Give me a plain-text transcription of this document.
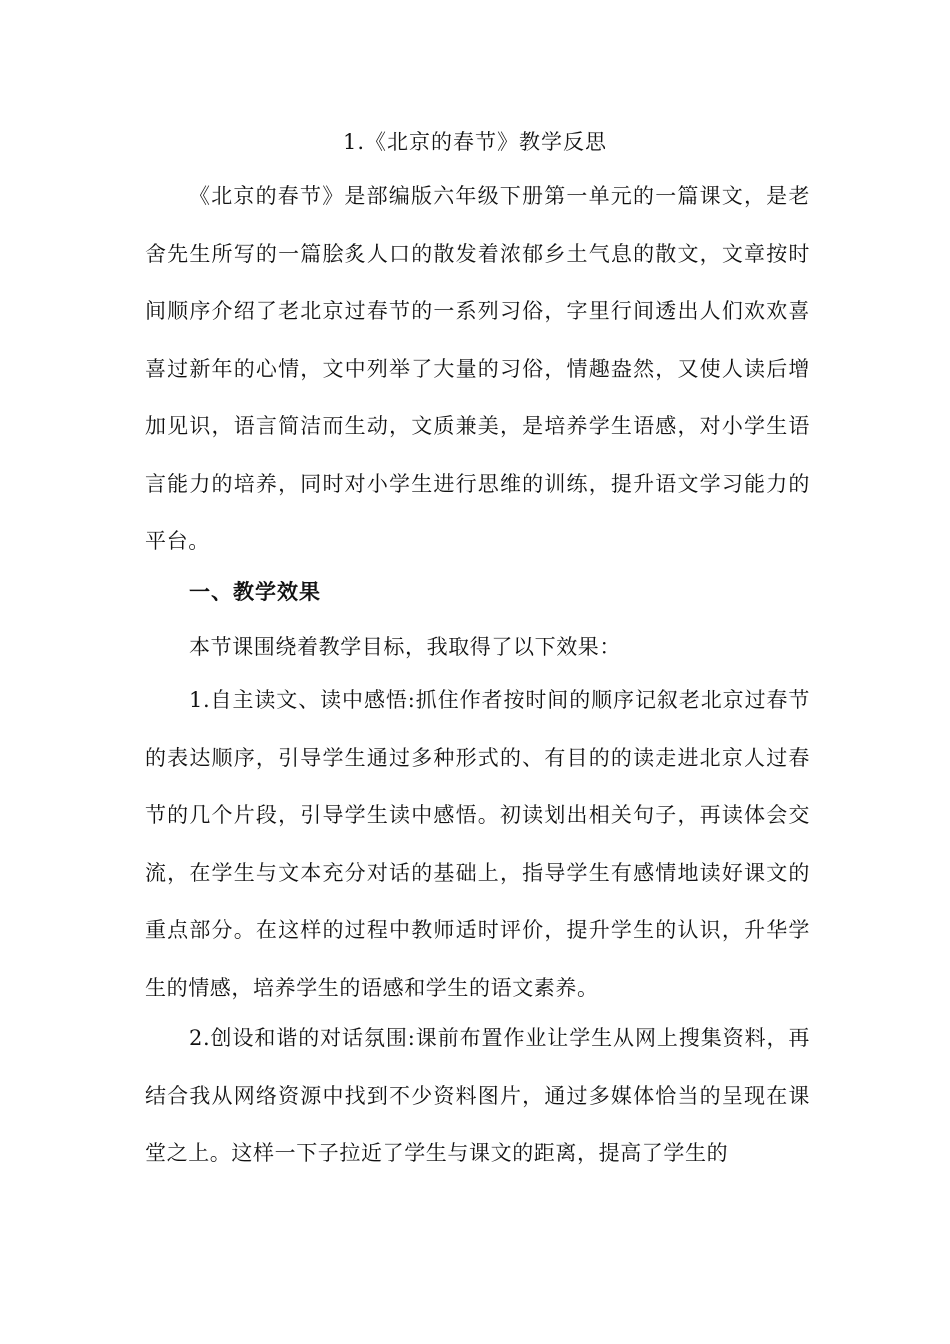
1.《北京的春节》教学反思

《北京的春节》是部编版六年级下册第一单元的一篇课文，是老舍先生所写的一篇脍炙人口的散发着浓郁乡土气息的散文，文章按时间顺序介绍了老北京过春节的一系列习俗，字里行间透出人们欢欢喜喜过新年的心情，文中列举了大量的习俗，情趣盎然，又使人读后增加见识，语言简洁而生动，文质兼美，是培养学生语感，对小学生语言能力的培养，同时对小学生进行思维的训练，提升语文学习能力的平台。

一、教学效果

本节课围绕着教学目标，我取得了以下效果：

1.自主读文、读中感悟:抓住作者按时间的顺序记叙老北京过春节的表达顺序，引导学生通过多种形式的、有目的的读走进北京人过春节的几个片段，引导学生读中感悟。初读划出相关句子，再读体会交流，在学生与文本充分对话的基础上，指导学生有感情地读好课文的重点部分。在这样的过程中教师适时评价，提升学生的认识，升华学生的情感，培养学生的语感和学生的语文素养。

2.创设和谐的对话氛围:课前布置作业让学生从网上搜集资料，再结合我从网络资源中找到不少资料图片，通过多媒体恰当的呈现在课堂之上。这样一下子拉近了学生与课文的距离，提高了学生的
